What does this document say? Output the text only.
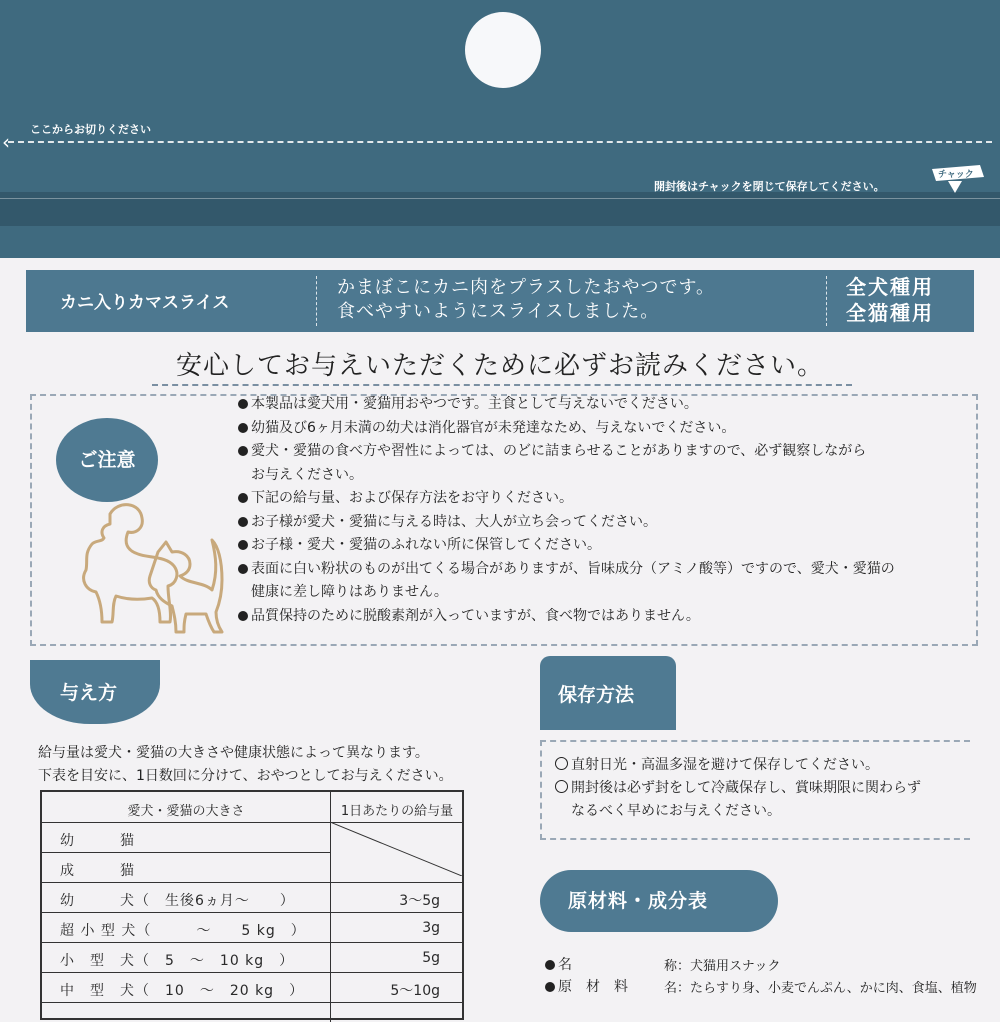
‹
ここからお切りください
開封後はチャックを閉じて保存してください。
チャック
カニ入りカマスライス
かまぼこにカニ肉をプラスしたおやつです。
食べやすいようにスライスしました。
全犬種用
全猫種用
安心してお与えいただくために必ずお読みください。
ご注意
本製品は愛犬用・愛猫用おやつです。主食として与えないでください。
幼猫及び6ヶ月未満の幼犬は消化器官が未発達なため、与えないでください。
愛犬・愛猫の食べ方や習性によっては、のどに詰まらせることがありますので、必ず観察しながら
お与えください。
下記の給与量、および保存方法をお守りください。
お子様が愛犬・愛猫に与える時は、大人が立ち会ってください。
お子様・愛犬・愛猫のふれない所に保管してください。
表面に白い粉状のものが出てくる場合がありますが、旨味成分（アミノ酸等）ですので、愛犬・愛猫の
健康に差し障りはありません。
品質保持のために脱酸素剤が入っていますが、食べ物ではありません。
与え方
給与量は愛犬・愛猫の大きさや健康状態によって異なります。
下表を目安に、1日数回に分けて、おやつとしてお与えください。
愛犬・愛猫の大きさ	1日あたりの給与量
幼　　　猫
成　　　猫
幼　　　犬（　生後6ヵ月〜　　）	3〜5g
超 小 型 犬（　　　〜　　5 kg　）	3g
小　型　犬（　5　〜　10 kg　）	5g
中　型　犬（　10　〜　20 kg　）	5〜10g
保存方法
直射日光・高温多湿を避けて保存してください。
開封後は必ず封をして冷蔵保存し、賞味期限に関わらず
なるべく早めにお与えください。
原材料・成分表
名	称：犬猫用スナック
原　材　料	名：たらすり身、小麦でんぷん、かに肉、食塩、植物
